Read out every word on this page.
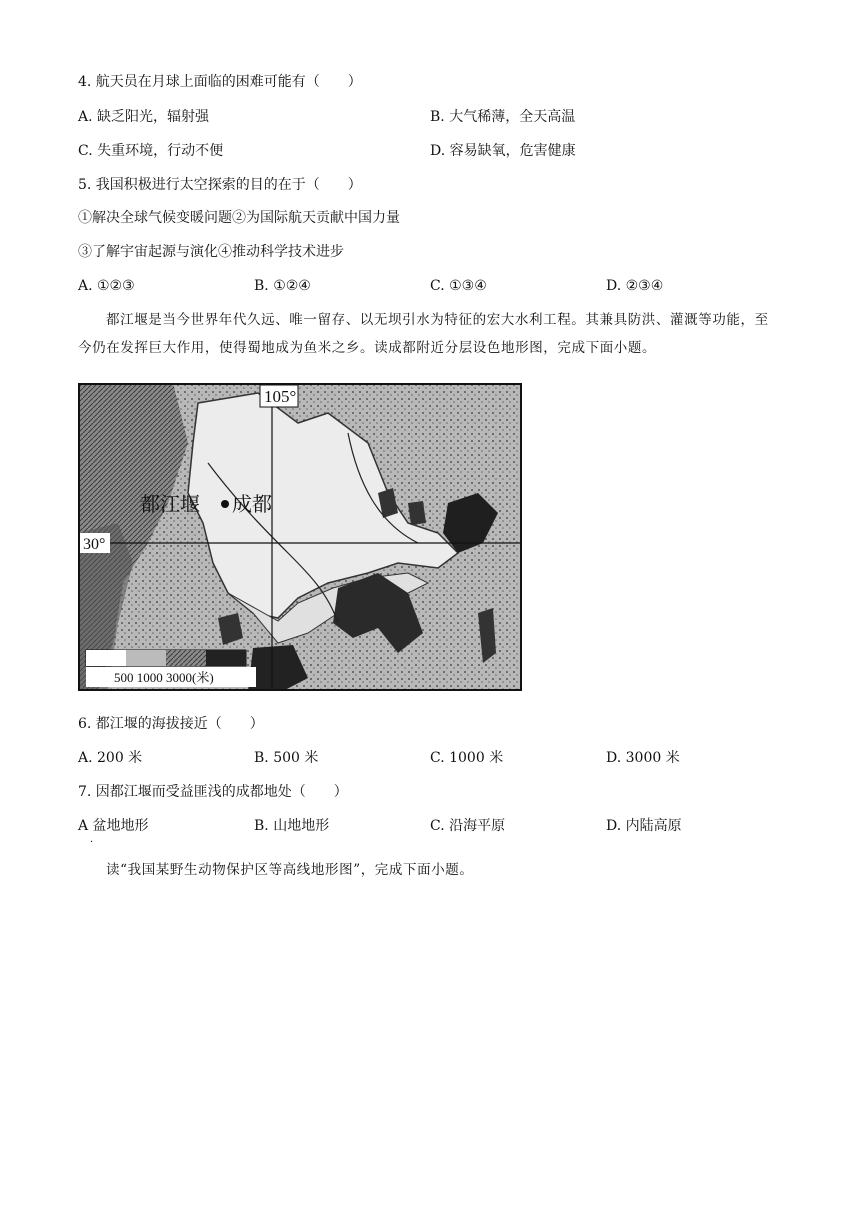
4. 航天员在月球上面临的困难可能有（　　）
A. 缺乏阳光，辐射强	B. 大气稀薄，全天高温
C. 失重环境，行动不便	D. 容易缺氧，危害健康
5. 我国积极进行太空探索的目的在于（　　）
①解决全球气候变暖问题②为国际航天贡献中国力量
③了解宇宙起源与演化④推动科学技术进步
A. ①②③	B. ①②④	C. ①③④	D. ②③④

都江堰是当今世界年代久远、唯一留存、以无坝引水为特征的宏大水利工程。其兼具防洪、灌溉等功能，至今仍在发挥巨大作用，使得蜀地成为鱼米之乡。读成都附近分层设色地形图，完成下面小题。

105°
30°
都江堰 成都
500 1000 3000(米)
6. 都江堰的海拔接近（　　）
A. 200 米	B. 500 米	C. 1000 米	D. 3000 米
7. 因都江堰而受益匪浅的成都地处（　　）
A 盆地地形
·
B. 山地地形	C. 沿海平原	D. 内陆高原

读“我国某野生动物保护区等高线地形图”，完成下面小题。
